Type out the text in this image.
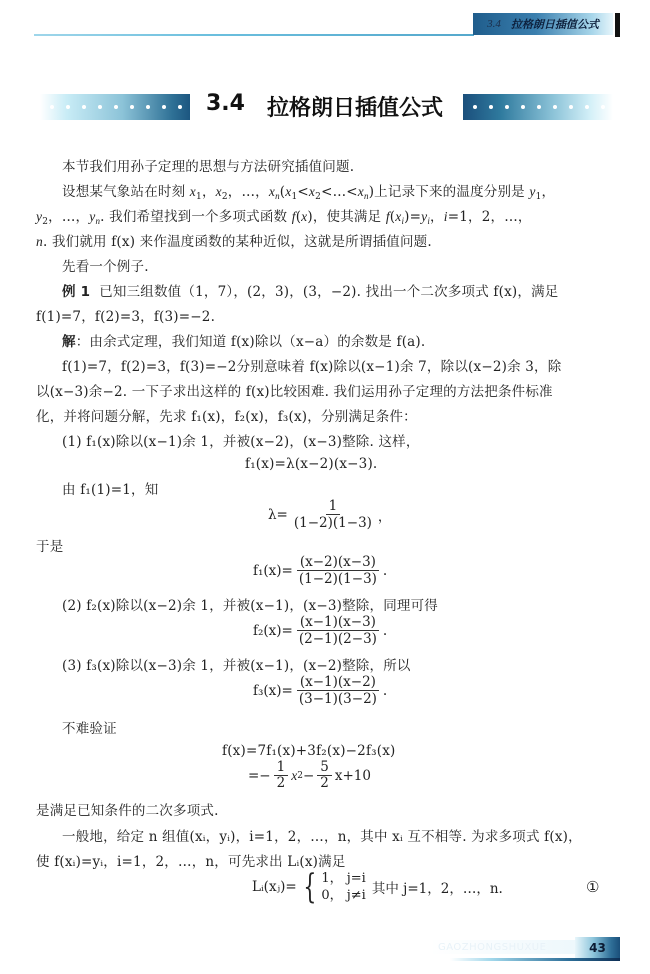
3.4 拉格朗日插值公式
3.4 拉格朗日插值公式
本节我们用孙子定理的思想与方法研究插值问题.
设想某气象站在时刻 $x_1$，$x_2$，…，$x_n(x_1<x_2<\dots<x_n)$上记录下来的温度分别是 $y_1$，
$y_2$，…，$y_n$. 我们希望找到一个多项式函数 f(x)，使其满足 $f(x_i)=y_i$，i=1，2，…，
n. 我们就用 f(x) 来作温度函数的某种近似，这就是所谓插值问题.
先看一个例子.
例 1 已知三组数值（1，7），(2，3)，(3，−2). 找出一个二次多项式 f(x)，满足
f(1)=7，f(2)=3，f(3)=−2.
解：由余式定理，我们知道 f(x)除以（x−a）的余数是 f(a).
f(1)=7，f(2)=3，f(3)=−2分别意味着 f(x)除以(x−1)余 7，除以(x−2)余 3，除
以(x−3)余−2. 一下子求出这样的 f(x)比较困难. 我们运用孙子定理的方法把条件标准
化，并将问题分解，先求 f₁(x)，f₂(x)，f₃(x)，分别满足条件：
(1) f₁(x)除以(x−1)余 1，并被(x−2)，(x−3)整除. 这样，
f₁(x)=λ(x−2)(x−3).
由 f₁(1)=1，知
$\lambda= \frac{1}{(1-2)(1-3)}$ ，
于是
$f_1(x)= \frac{(x-2)(x-3)}{(1-2)(1-3)}$ .
(2) f₂(x)除以(x−2)余 1，并被(x−1)，(x−3)整除，同理可得
$f_2(x)= \frac{(x-1)(x-3)}{(2-1)(2-3)}$ .
(3) f₃(x)除以(x−3)余 1，并被(x−1)，(x−2)整除，所以
$f_3(x)= \frac{(x-1)(x-2)}{(3-1)(3-2)}$ .
不难验证
f(x)=7f₁(x)+3f₂(x)−2f₃(x)
=− $\frac{1}{2}$ x $2 - \frac{5}{2} x+10$
是满足已知条件的二次多项式.
一般地，给定 n 组值(xᵢ，yᵢ)，i=1，2，…，n，其中 xᵢ 互不相等. 为求多项式 f(x)，
使 f(xᵢ)=yᵢ，i=1，2，…，n，可先求出 Lᵢ(x)满足
Lᵢ(xⱼ)= { 1， j=i
0， j≠i 其中 j=1，2，…，n.	①
GAOZHONGSHUXUE	43
